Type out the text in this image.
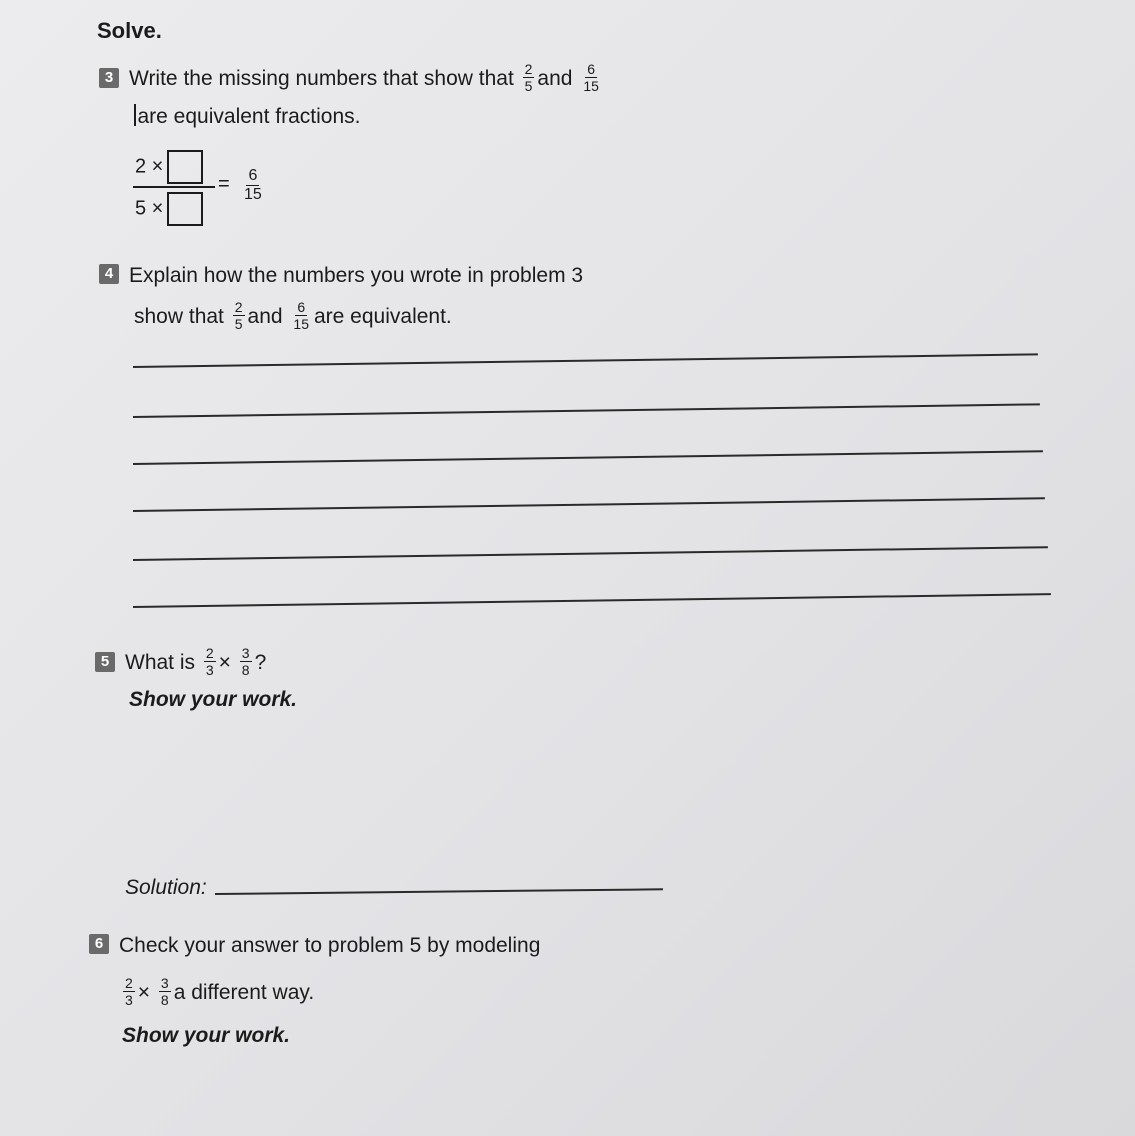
Solve.
3 Write the missing numbers that show that $\frac{2}{5}$ and $\frac{6}{15}$
are equivalent fractions.
2 ×
5 ×
= $\frac{6}{15}$
4 Explain how the numbers you wrote in problem 3
show that $\frac{2}{5}$ and $\frac{6}{15}$ are equivalent.
5 What is $\frac{2}{3} \times \frac{3}{8}$ ?
Show your work.
Solution:
6 Check your answer to problem 5 by modeling
$\frac{2}{3} \times \frac{3}{8}$ a different way.
Show your work.
